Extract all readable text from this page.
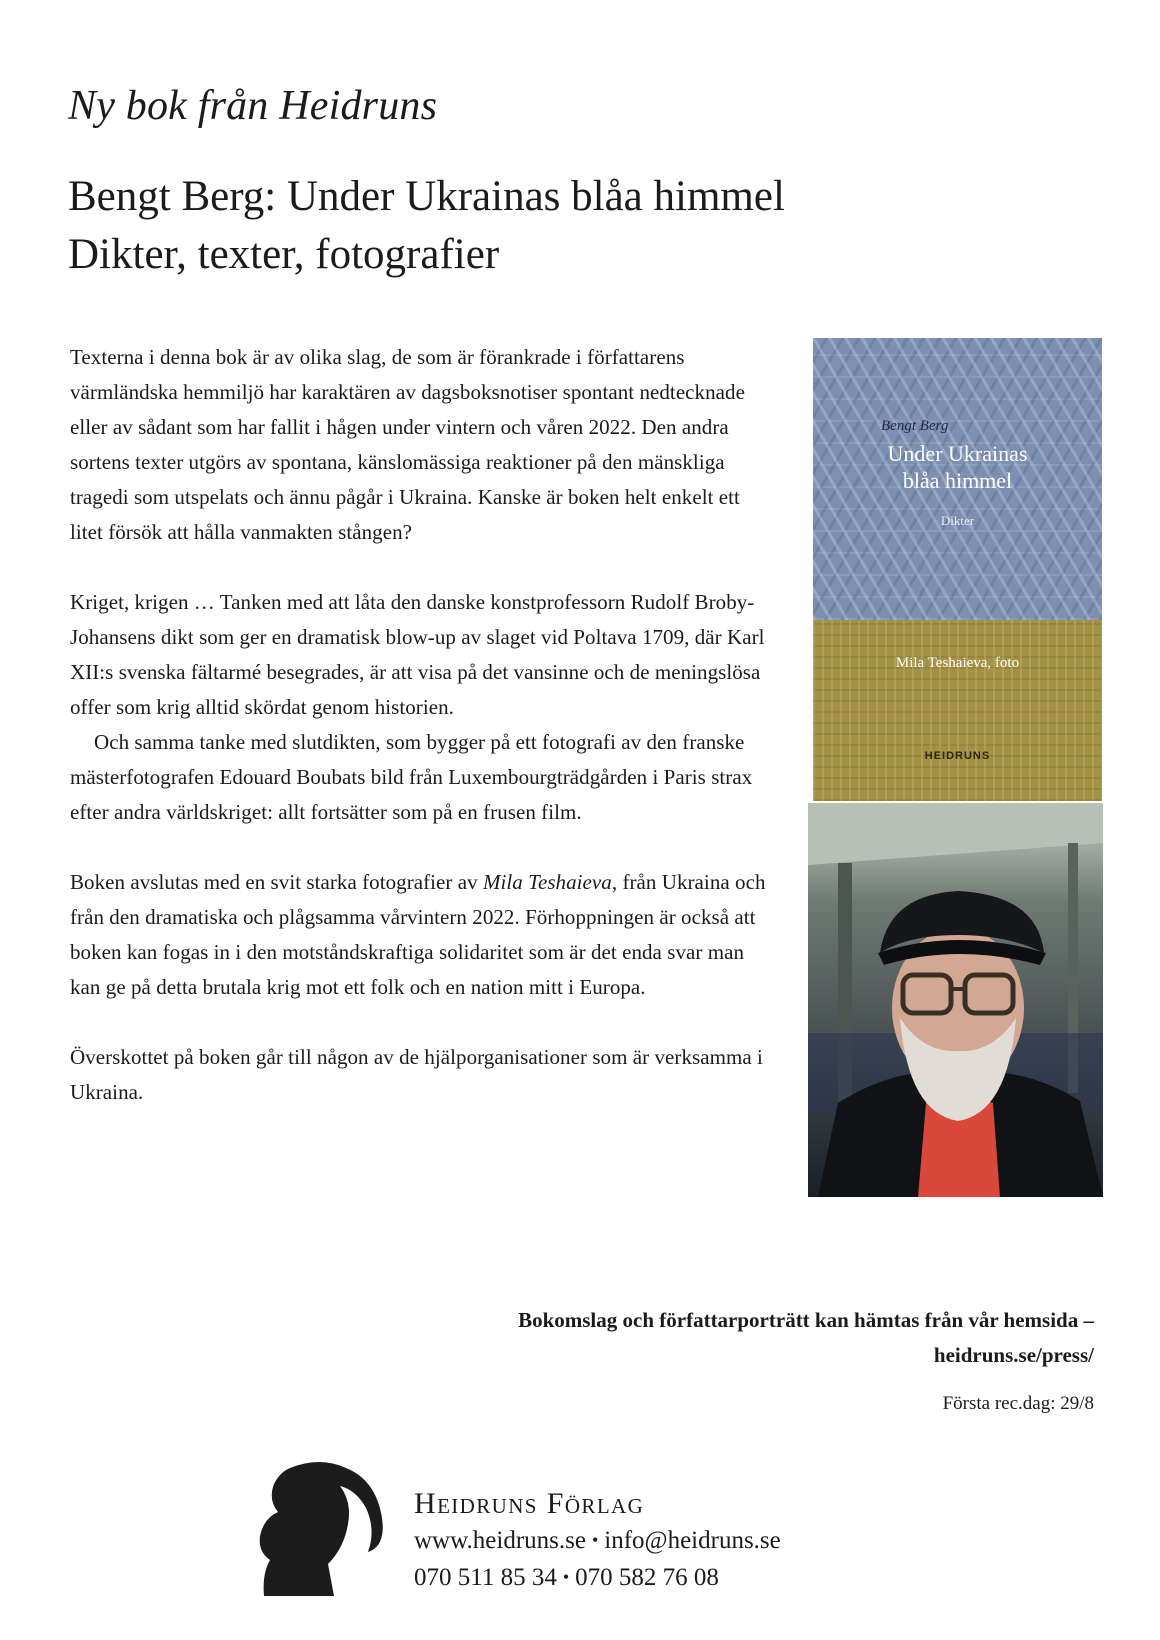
Ny bok från Heidruns
Bengt Berg: Under Ukrainas blåa himmel
Dikter, texter, fotografier

Texterna i denna bok är av olika slag, de som är förankrade i författarens värmländska hemmiljö har karaktären av dagsboksnotiser spontant nedtecknade eller av sådant som har fallit i hågen under vintern och våren 2022. Den andra sortens texter utgörs av spontana, känslomässiga reaktioner på den mänskliga tragedi som utspelats och ännu pågår i Ukraina. Kanske är boken helt enkelt ett litet försök att hålla vanmakten stången?

Kriget, krigen … Tanken med att låta den danske konstprofessorn Rudolf Broby-Johansens dikt som ger en dramatisk blow-up av slaget vid Poltava 1709, där Karl XII:s svenska fältarmé besegrades, är att visa på det vansinne och de meningslösa offer som krig alltid skördat genom historien.

Och samma tanke med slutdikten, som bygger på ett fotografi av den franske mästerfotografen Edouard Boubats bild från Luxembourgträdgården i Paris strax efter andra världskriget: allt fortsätter som på en frusen film.

Boken avslutas med en svit starka fotografier av Mila Teshaieva, från Ukraina och från den dramatiska och plågsamma vårvintern 2022. Förhoppningen är också att boken kan fogas in i den motståndskraftiga solidaritet som är det enda svar man kan ge på detta brutala krig mot ett folk och en nation mitt i Europa.

Överskottet på boken går till någon av de hjälporganisationer som är verksamma i Ukraina.

Bengt Berg
Under Ukrainas
blåa himmel
Dikter
Mila Teshaieva, foto
HEIDRUNS
Bokomslag och författarporträtt kan hämtas från vår hemsida –
heidruns.se/press/
Första rec.dag: 29/8
Heidruns Förlag
www.heidruns.se • info@heidruns.se
070 511 85 34 • 070 582 76 08
